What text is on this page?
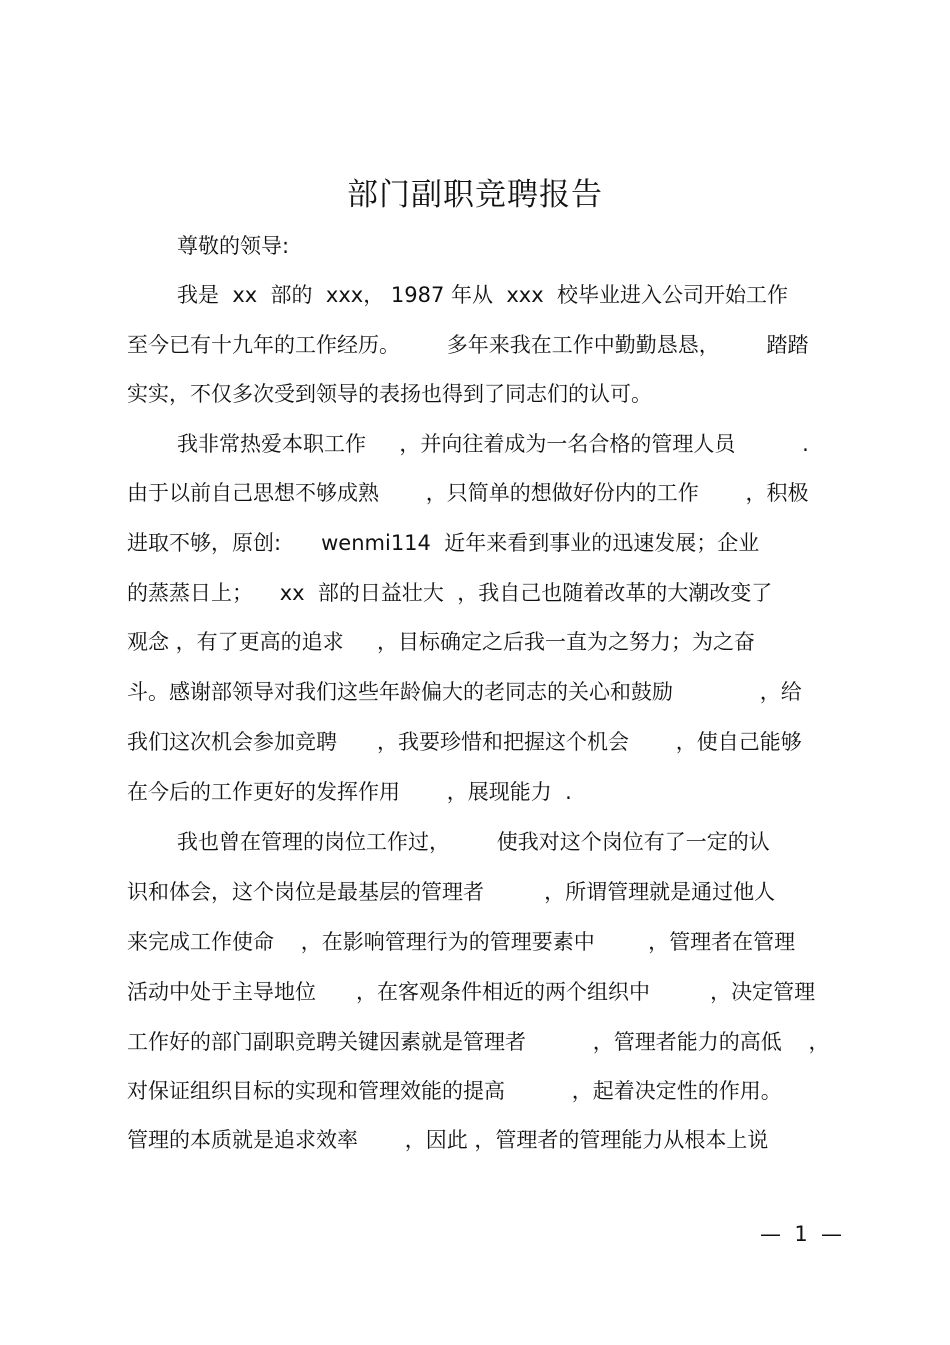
部门副职竞聘报告
尊敬的领导:
我是  xx  部的  xxx， 1987 年从  xxx  校毕业进入公司开始工作
至今已有十九年的工作经历。       多年来我在工作中勤勤恳恳，       踏踏
实实，不仅多次受到领导的表扬也得到了同志们的认可。
我非常热爱本职工作     ，并向往着成为一名合格的管理人员          .
由于以前自己思想不够成熟       ，只简单的想做好份内的工作       ，积极
进取不够，原创:      wenmi114  近年来看到事业的迅速发展；企业
的蒸蒸日上；    xx  部的日益壮大  ，我自己也随着改革的大潮改变了
观念 ，有了更高的追求     ，目标确定之后我一直为之努力；为之奋
斗。感谢部领导对我们这些年龄偏大的老同志的关心和鼓励             ，给
我们这次机会参加竞聘      ，我要珍惜和把握这个机会       ，使自己能够
在今后的工作更好的发挥作用       ，展现能力  .
我也曾在管理的岗位工作过，       使我对这个岗位有了一定的认
识和体会，这个岗位是最基层的管理者         ，所谓管理就是通过他人
来完成工作使命    ，在影响管理行为的管理要素中        ，管理者在管理
活动中处于主导地位      ，在客观条件相近的两个组织中         ，决定管理
工作好的部门副职竞聘关键因素就是管理者          ，管理者能力的高低    ，
对保证组织目标的实现和管理效能的提高          ，起着决定性的作用。
管理的本质就是追求效率       ，因此 ，管理者的管理能力从根本上说
—  1  —
